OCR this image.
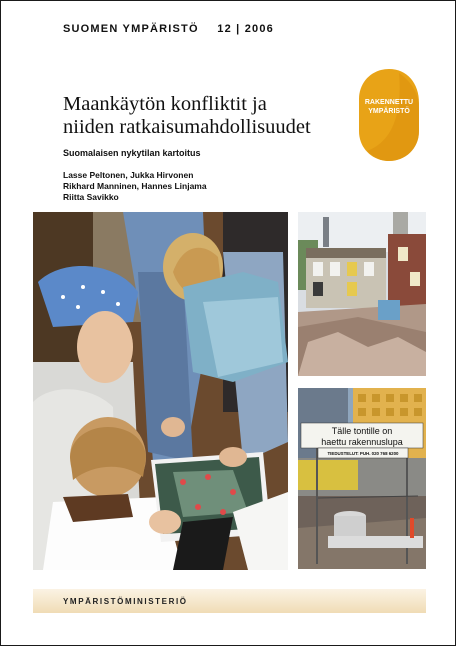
SUOMEN YMPÄRISTÖ 12 | 2006
RAKENNETTU
YMPÄRISTÖ
Maankäytön konfliktit ja
niiden ratkaisumahdollisuudet
Suomalaisen nykytilan kartoitus
Lasse Peltonen, Jukka Hirvonen
Rikhard Manninen, Hannes Linjama
Riitta Savikko
Tälle tontille on
haettu rakennuslupa
TIEDUSTELUT: PUH. 020 768 6200
YMPÄRISTÖMINISTERIÖ
